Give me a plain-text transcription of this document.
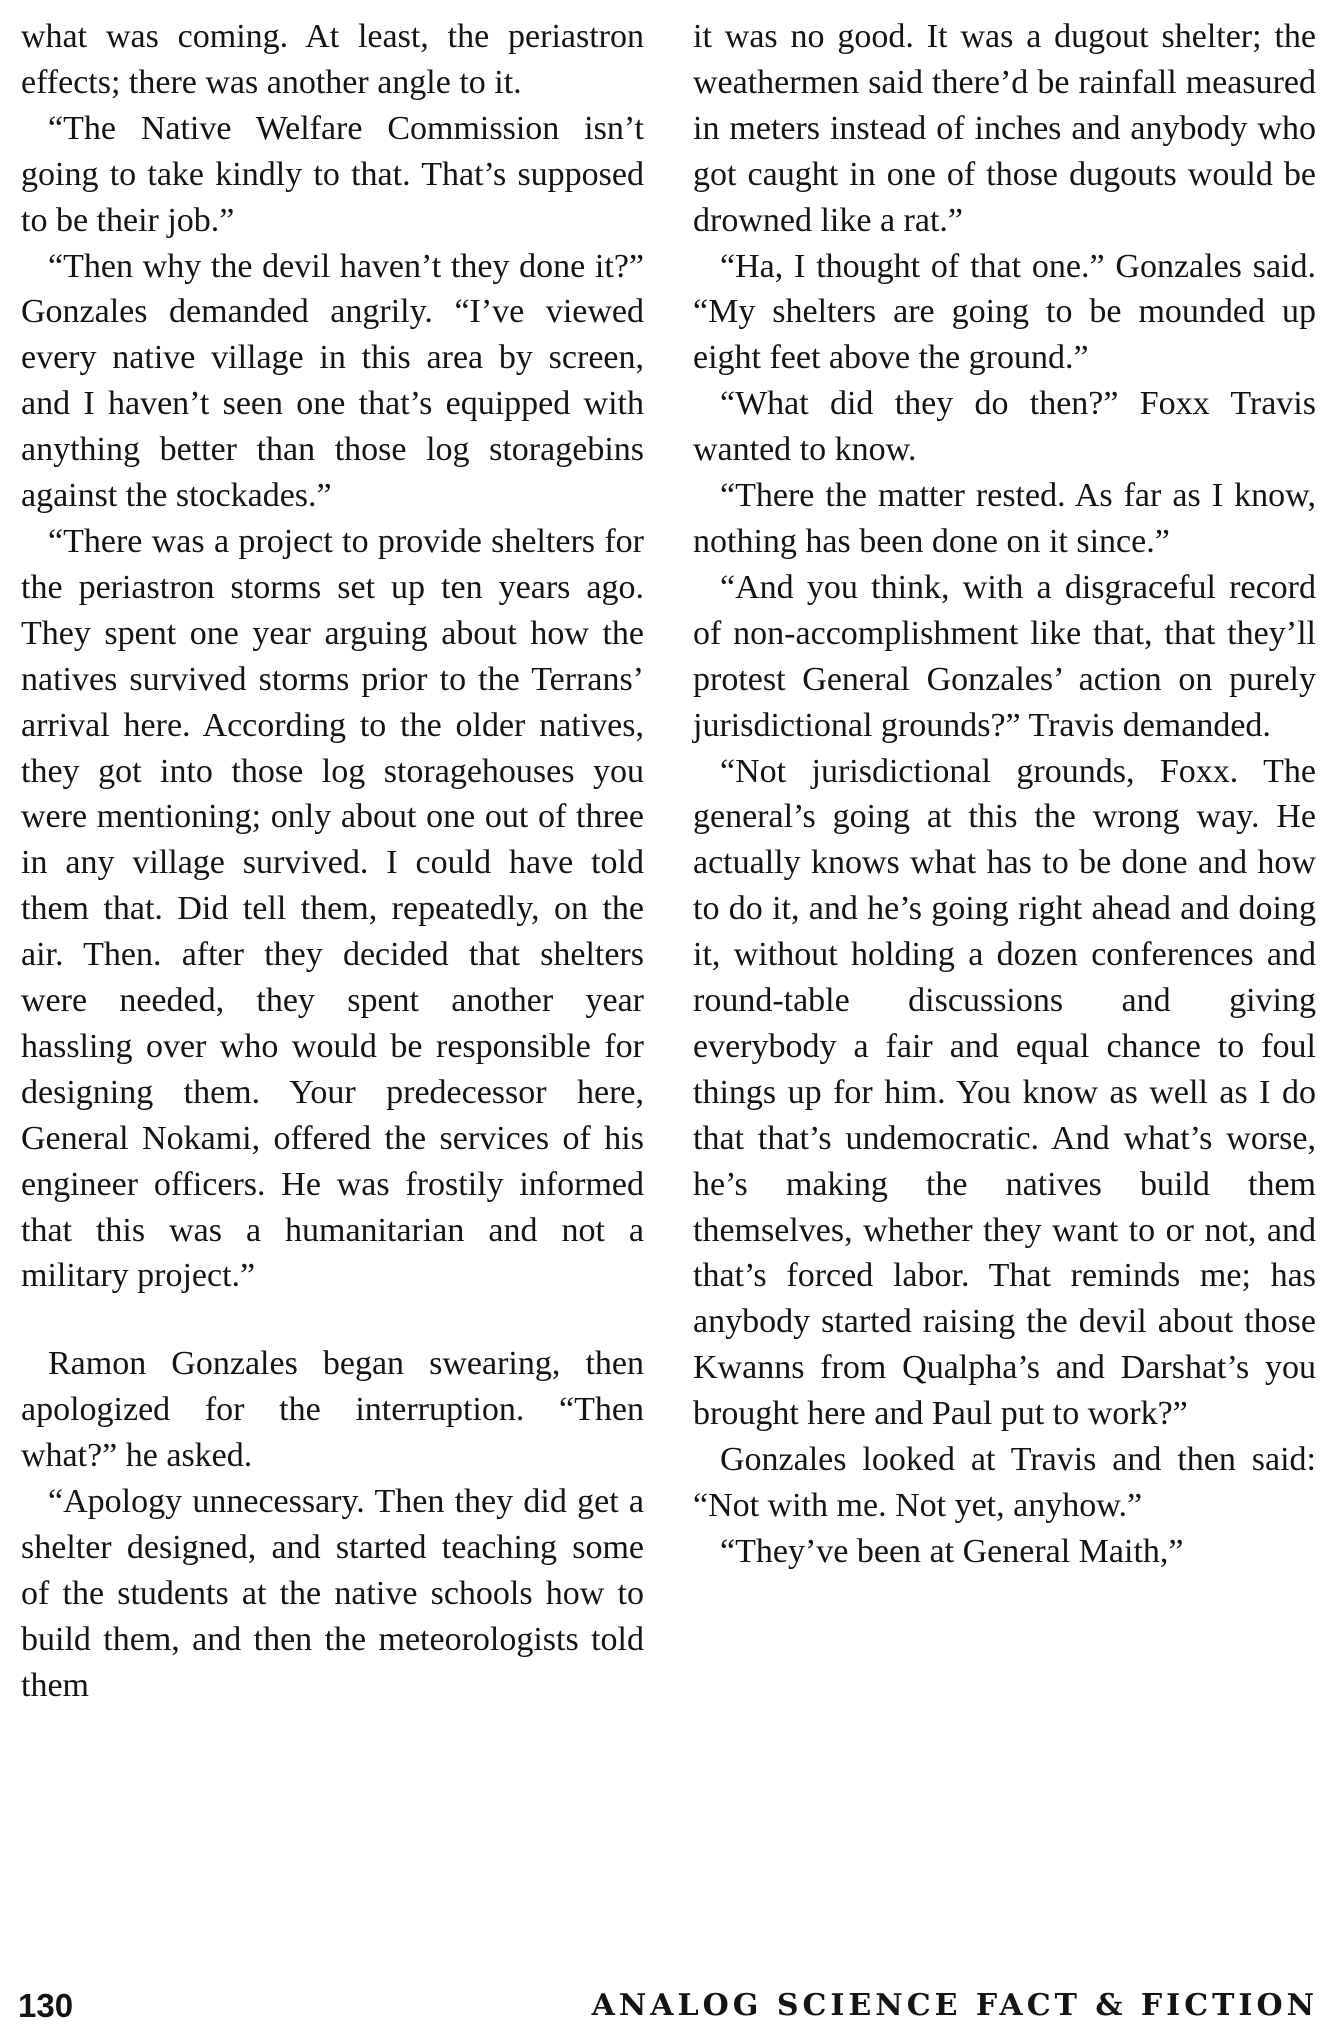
what was coming. At least, the periastron effects; there was another angle to it.

“The Native Welfare Commission isn’t going to take kindly to that. That’s supposed to be their job.”

“Then why the devil haven’t they done it?” Gonzales demanded angrily. “I’ve viewed every native village in this area by screen, and I haven’t seen one that’s equipped with anything better than those log storagebins against the stockades.”

“There was a project to provide shelters for the periastron storms set up ten years ago. They spent one year arguing about how the natives survived storms prior to the Terrans’ arrival here. According to the older natives, they got into those log storagehouses you were mentioning; only about one out of three in any village survived. I could have told them that. Did tell them, repeatedly, on the air. Then. after they decided that shelters were needed, they spent another year hassling over who would be responsible for designing them. Your predecessor here, General Nokami, offered the services of his engineer officers. He was frostily informed that this was a humanitarian and not a military project.”

Ramon Gonzales began swearing, then apologized for the interruption. “Then what?” he asked.

“Apology unnecessary. Then they did get a shelter designed, and started teaching some of the students at the native schools how to build them, and then the meteorologists told them

it was no good. It was a dugout shelter; the weathermen said there’d be rainfall measured in meters instead of inches and anybody who got caught in one of those dugouts would be drowned like a rat.”

“Ha, I thought of that one.” Gonzales said. “My shelters are going to be mounded up eight feet above the ground.”

“What did they do then?” Foxx Travis wanted to know.

“There the matter rested. As far as I know, nothing has been done on it since.”

“And you think, with a disgraceful record of non-accomplishment like that, that they’ll protest General Gonzales’ action on purely jurisdictional grounds?” Travis demanded.

“Not jurisdictional grounds, Foxx. The general’s going at this the wrong way. He actually knows what has to be done and how to do it, and he’s going right ahead and doing it, without holding a dozen conferences and round-table discussions and giving everybody a fair and equal chance to foul things up for him. You know as well as I do that that’s undemocratic. And what’s worse, he’s making the natives build them themselves, whether they want to or not, and that’s forced labor. That reminds me; has anybody started raising the devil about those Kwanns from Qualpha’s and Darshat’s you brought here and Paul put to work?”

Gonzales looked at Travis and then said: “Not with me. Not yet, anyhow.”

“They’ve been at General Maith,”

130	ANALOG SCIENCE FACT & FICTION
